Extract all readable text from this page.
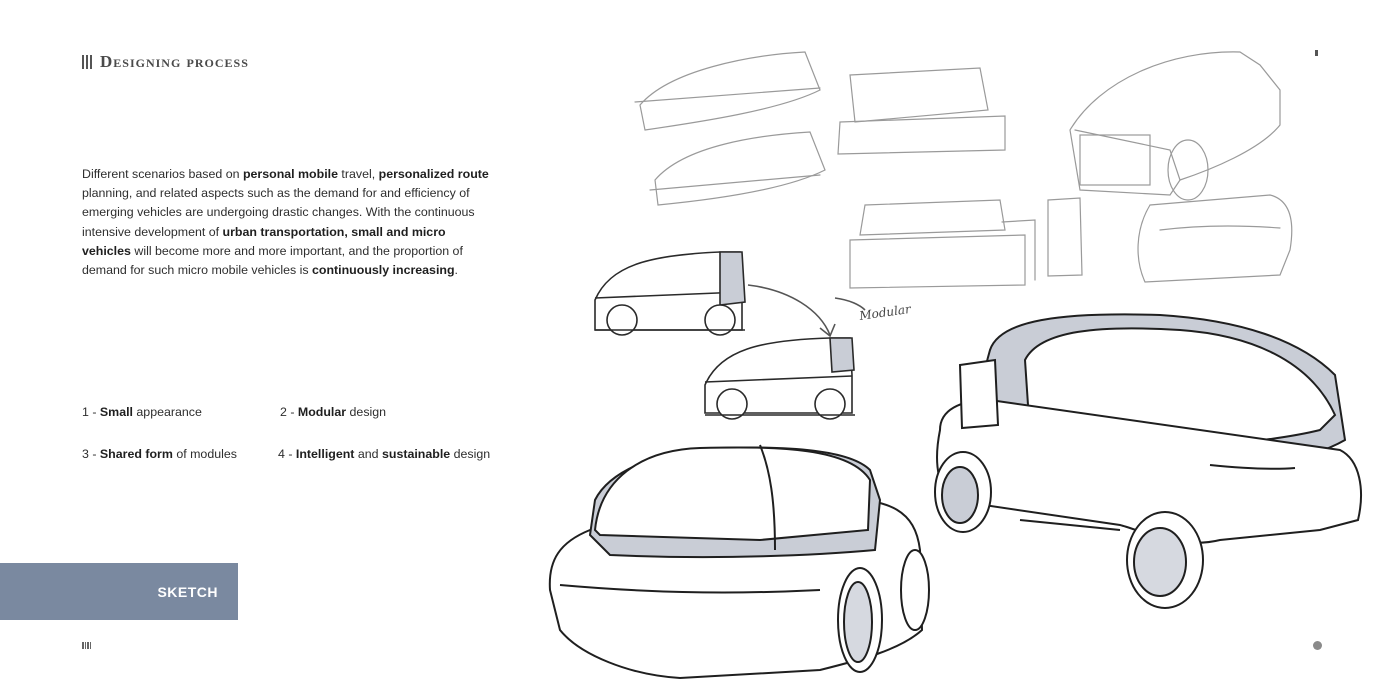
Designing process

Different scenarios based on personal mobile travel, personalized route planning, and related aspects such as the demand for and efficiency of emerging vehicles are undergoing drastic changes. With the continuous intensive development of urban transportation, small and micro vehicles will become more and more important, and the proportion of demand for such micro mobile vehicles is continuously increasing.

1 - Small appearance	2 - Modular design
3 - Shared form of modules	4 - Intelligent and sustainable design
SKETCH
Modular
